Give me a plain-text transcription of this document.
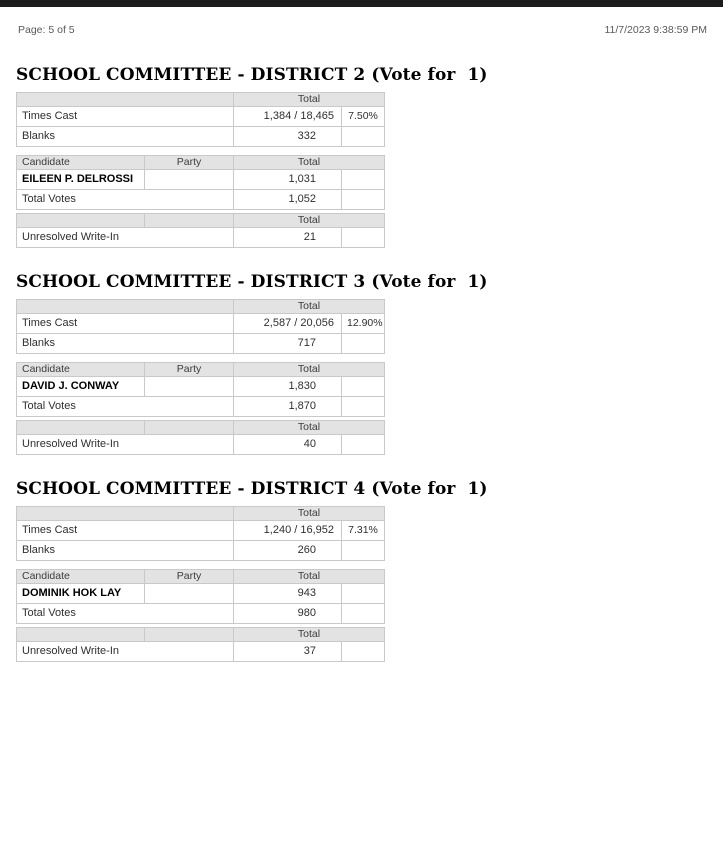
Page: 5 of 5	11/7/2023 9:38:59 PM
SCHOOL COMMITTEE - DISTRICT 2 (Vote for  1)
	Total	
Times Cast	1,384 / 18,465	7.50%
Blanks	332	
Candidate	Party	Total	
EILEEN P. DELROSSI		1,031	
Total Votes		1,052	
		Total	
Unresolved Write-In		21	
SCHOOL COMMITTEE - DISTRICT 3 (Vote for  1)
	Total	
Times Cast	2,587 / 20,056	12.90%
Blanks	717	
Candidate	Party	Total	
DAVID J. CONWAY		1,830	
Total Votes		1,870	
		Total	
Unresolved Write-In		40	
SCHOOL COMMITTEE - DISTRICT 4 (Vote for  1)
	Total	
Times Cast	1,240 / 16,952	7.31%
Blanks	260	
Candidate	Party	Total	
DOMINIK HOK LAY		943	
Total Votes		980	
		Total	
Unresolved Write-In		37	
